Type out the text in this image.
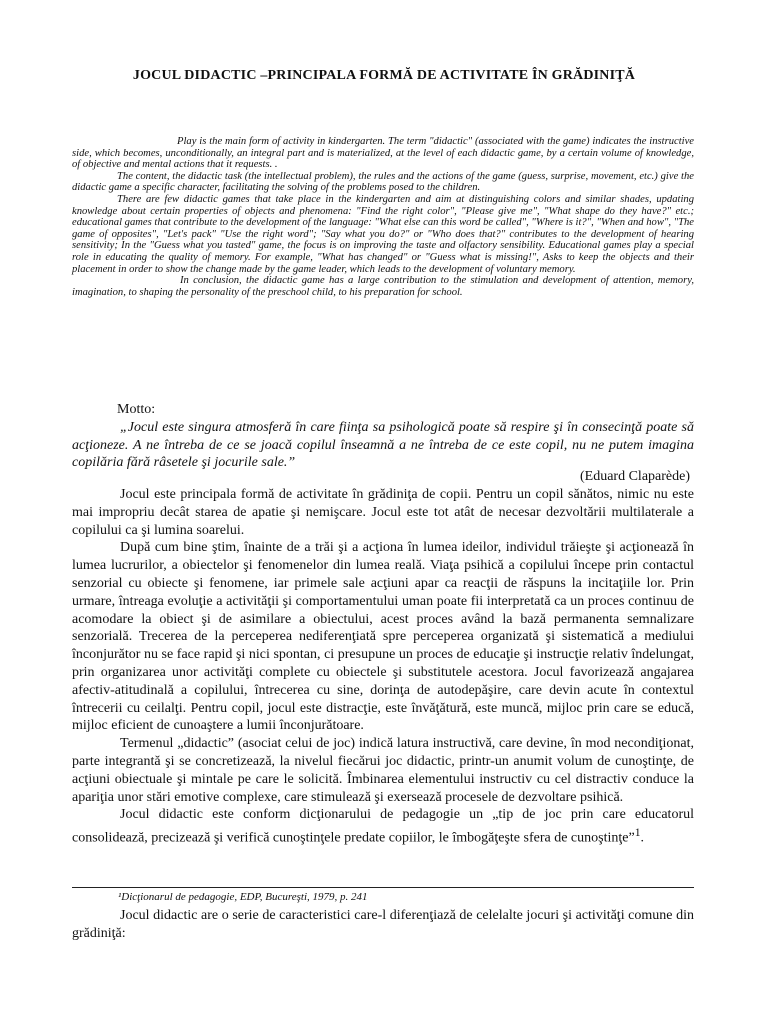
JOCUL DIDACTIC –PRINCIPALA FORMĂ DE ACTIVITATE ÎN GRĂDINIŢĂ

Play is the main form of activity in kindergarten. The term "didactic" (associated with the game) indicates the instructive side, which becomes, unconditionally, an integral part and is materialized, at the level of each didactic game, by a certain volume of knowledge, of objective and mental actions that it requests. .

The content, the didactic task (the intellectual problem), the rules and the actions of the game (guess, surprise, movement, etc.) give the didactic game a specific character, facilitating the solving of the problems posed to the children.

There are few didactic games that take place in the kindergarten and aim at distinguishing colors and similar shades, updating knowledge about certain properties of objects and phenomena: "Find the right color", "Please give me", "What shape do they have?" etc.; educational games that contribute to the development of the language: "What else can this word be called", "Where is it?", "When and how", "The game of opposites", "Let's pack" "Use the right word"; "Say what you do?" or "Who does that?" contributes to the development of hearing sensitivity; In the "Guess what you tasted" game, the focus is on improving the taste and olfactory sensibility. Educational games play a special role in educating the quality of memory. For example, "What has changed" or "Guess what is missing!", Asks to keep the objects and their placement in order to show the change made by the game leader, which leads to the development of voluntary memory.

In conclusion, the didactic game has a large contribution to the stimulation and development of attention, memory, imagination, to shaping the personality of the preschool child, to his preparation for school.

Motto:
„Jocul este singura atmosferă în care fiinţa sa psihologică poate să respire şi în consecinţă poate să acţioneze. A ne întreba de ce se joacă copilul înseamnă a ne întreba de ce este copil, nu ne putem imagina copilăria fără râsetele şi jocurile sale.”
(Eduard Claparède)

Jocul este principala formă de activitate în grădiniţa de copii. Pentru un copil sănătos, nimic nu este mai impropriu decât starea de apatie şi nemişcare. Jocul este tot atât de necesar dezvoltării multilaterale a copilului ca şi lumina soarelui.

După cum bine ştim, înainte de a trăi şi a acţiona în lumea ideilor, individul trăieşte şi acţionează în lumea lucrurilor, a obiectelor şi fenomenelor din lumea reală. Viaţa psihică a copilului începe prin contactul senzorial cu obiecte şi fenomene, iar primele sale acţiuni apar ca reacţii de răspuns la incitaţiile lor. Prin urmare, întreaga evoluţie a activităţii şi comportamentului uman poate fii interpretată ca un proces continuu de acomodare la obiect şi de asimilare a obiectului, acest proces având la bază permanenta semnalizare senzorială. Trecerea de la perceperea nediferenţiată spre perceperea organizată şi sistematică a mediului înconjurător nu se face rapid şi nici spontan, ci presupune un proces de educaţie şi instrucţie relativ îndelungat, prin organizarea unor activităţi complete cu obiectele şi substitutele acestora. Jocul favorizează angajarea afectiv-atitudinală a copilului, întrecerea cu sine, dorinţa de autodepăşire, care devin acute în contextul întrecerii cu ceilalţi. Pentru copil, jocul este distracţie, este învăţătură, este muncă, mijloc prin care se educă, mijloc eficient de cunoaştere a lumii înconjurătoare.

Termenul „didactic” (asociat celui de joc) indică latura instructivă, care devine, în mod necondiţionat, parte integrantă şi se concretizează, la nivelul fiecărui joc didactic, printr-un anumit volum de cunoştinţe, de acţiuni obiectuale şi mintale pe care le solicită. Îmbinarea elementului instructiv cu cel distractiv conduce la apariţia unor stări emotive complexe, care stimulează şi exersează procesele de dezvoltare psihică.

Jocul didactic este conform dicţionarului de pedagogie un „tip de joc prin care educatorul consolidează, precizează şi verifică cunoştinţele predate copiilor, le îmbogăţeşte sfera de cunoştinţe”$^1$.

¹Dicţionarul de pedagogie, EDP, Bucureşti, 1979, p. 241

Jocul didactic are o serie de caracteristici care-l diferenţiază de celelalte jocuri şi activităţi comune din grădiniţă:
